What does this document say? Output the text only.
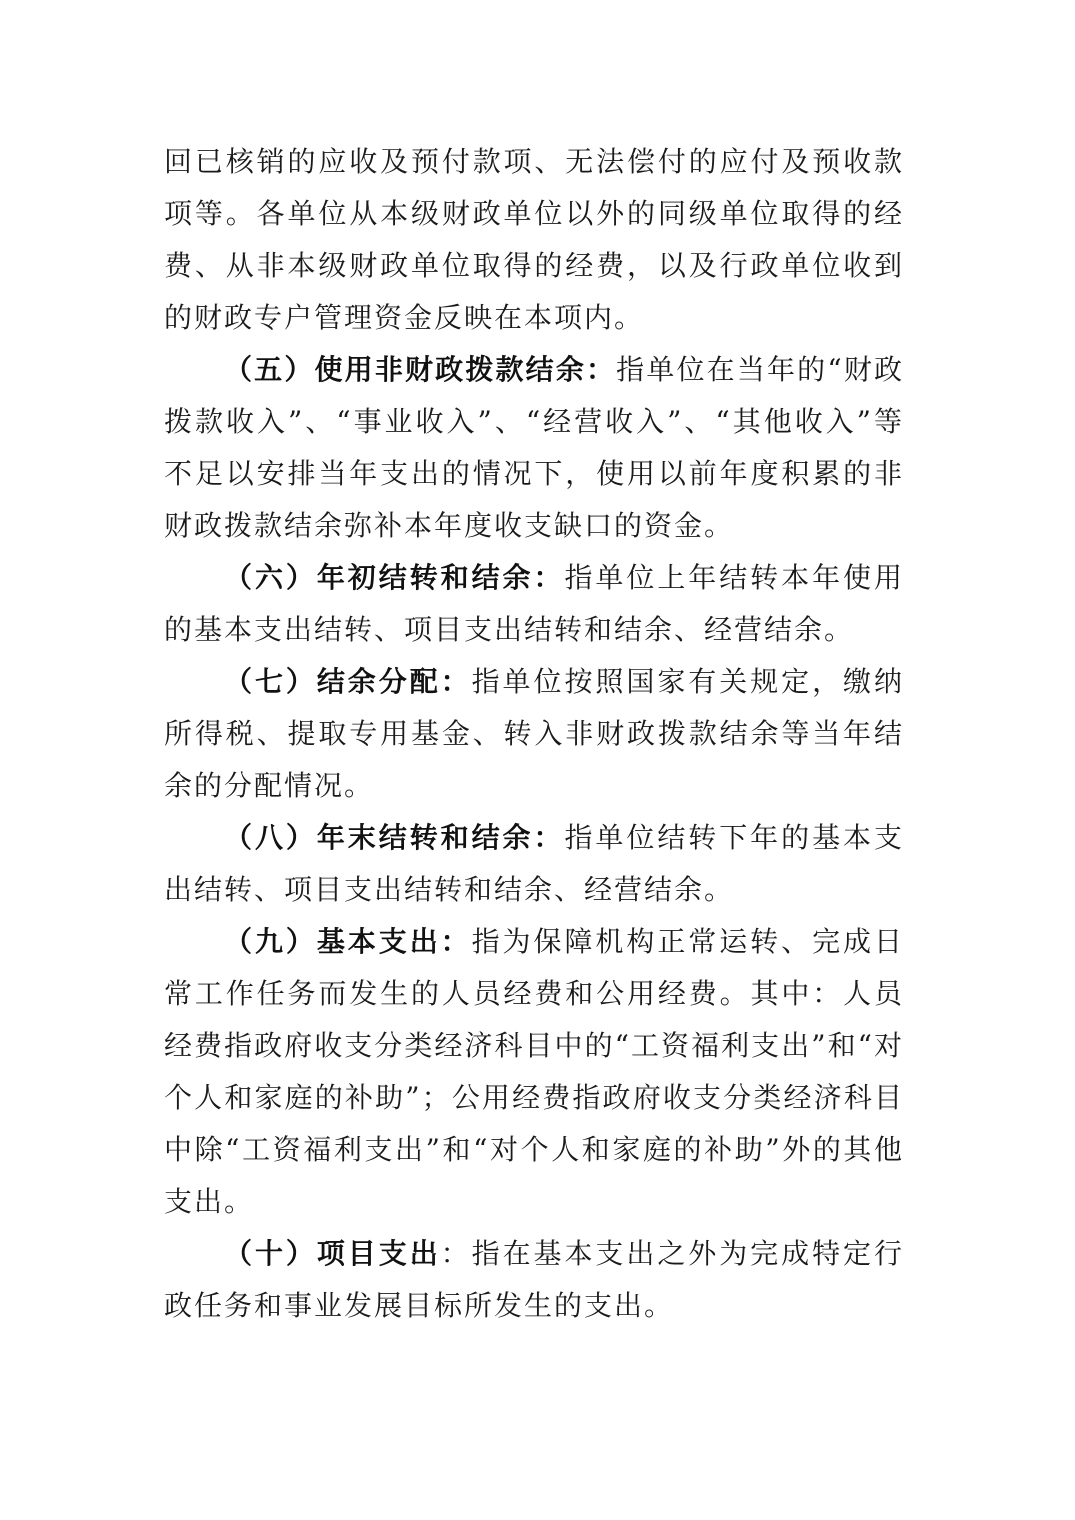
回已核销的应收及预付款项、无法偿付的应付及预收款项等。各单位从本级财政单位以外的同级单位取得的经费、从非本级财政单位取得的经费，以及行政单位收到的财政专户管理资金反映在本项内。

（五）使用非财政拨款结余：指单位在当年的“财政拨款收入”、“事业收入”、“经营收入”、“其他收入”等不足以安排当年支出的情况下，使用以前年度积累的非财政拨款结余弥补本年度收支缺口的资金。

（六）年初结转和结余：指单位上年结转本年使用的基本支出结转、项目支出结转和结余、经营结余。

（七）结余分配：指单位按照国家有关规定，缴纳所得税、提取专用基金、转入非财政拨款结余等当年结余的分配情况。

（八）年末结转和结余：指单位结转下年的基本支出结转、项目支出结转和结余、经营结余。

（九）基本支出：指为保障机构正常运转、完成日常工作任务而发生的人员经费和公用经费。其中：人员经费指政府收支分类经济科目中的“工资福利支出”和“对个人和家庭的补助”；公用经费指政府收支分类经济科目中除“工资福利支出”和“对个人和家庭的补助”外的其他支出。

（十）项目支出：指在基本支出之外为完成特定行政任务和事业发展目标所发生的支出。
